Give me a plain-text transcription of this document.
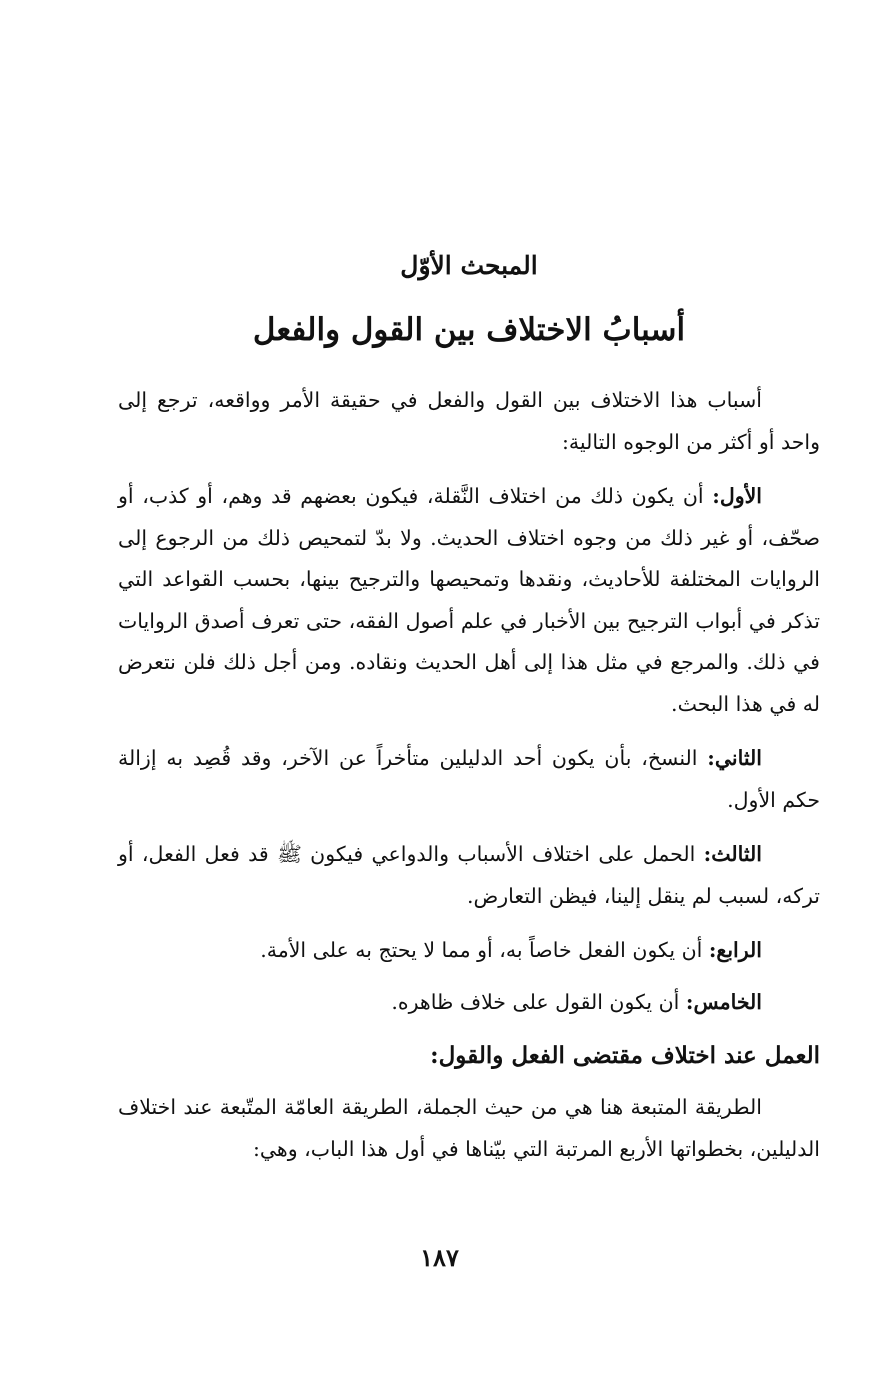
المبحث الأوّل
أسبابُ الاختلاف بين القول والفعل

أسباب هذا الاختلاف بين القول والفعل في حقيقة الأمر وواقعه، ترجع إلى واحد أو أكثر من الوجوه التالية:

الأول: أن يكون ذلك من اختلاف النَّقلة، فيكون بعضهم قد وهم، أو كذب، أو صحّف، أو غير ذلك من وجوه اختلاف الحديث. ولا بدّ لتمحيص ذلك من الرجوع إلى الروايات المختلفة للأحاديث، ونقدها وتمحيصها والترجيح بينها، بحسب القواعد التي تذكر في أبواب الترجيح بين الأخبار في علم أصول الفقه، حتى تعرف أصدق الروايات في ذلك. والمرجع في مثل هذا إلى أهل الحديث ونقاده. ومن أجل ذلك فلن نتعرض له في هذا البحث.

الثاني: النسخ، بأن يكون أحد الدليلين متأخراً عن الآخر، وقد قُصِد به إزالة حكم الأول.

الثالث: الحمل على اختلاف الأسباب والدواعي فيكون ﷺ قد فعل الفعل، أو تركه، لسبب لم ينقل إلينا، فيظن التعارض.

الرابع: أن يكون الفعل خاصاً به، أو مما لا يحتج به على الأمة.

الخامس: أن يكون القول على خلاف ظاهره.

العمل عند اختلاف مقتضى الفعل والقول:

الطريقة المتبعة هنا هي من حيث الجملة، الطريقة العامّة المتّبعة عند اختلاف الدليلين، بخطواتها الأربع المرتبة التي بيّناها في أول هذا الباب، وهي:

١٨٧
